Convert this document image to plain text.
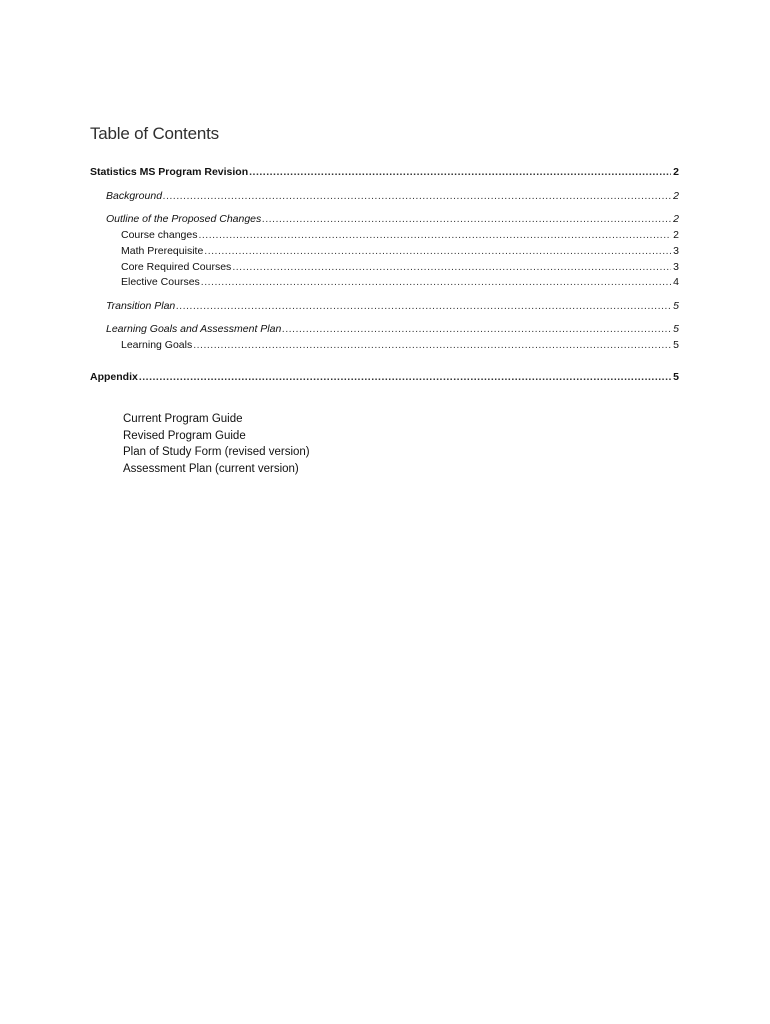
Table of Contents
Statistics MS Program Revision .....	2
Background .....	2
Outline of the Proposed Changes .....	2
Course changes .....	2
Math Prerequisite .....	3
Core Required Courses .....	3
Elective Courses .....	4
Transition Plan .....	5
Learning Goals and Assessment Plan .....	5
Learning Goals .....	5
Appendix .....	5
Current Program Guide
Revised Program Guide
Plan of Study Form (revised version)
Assessment Plan (current version)
